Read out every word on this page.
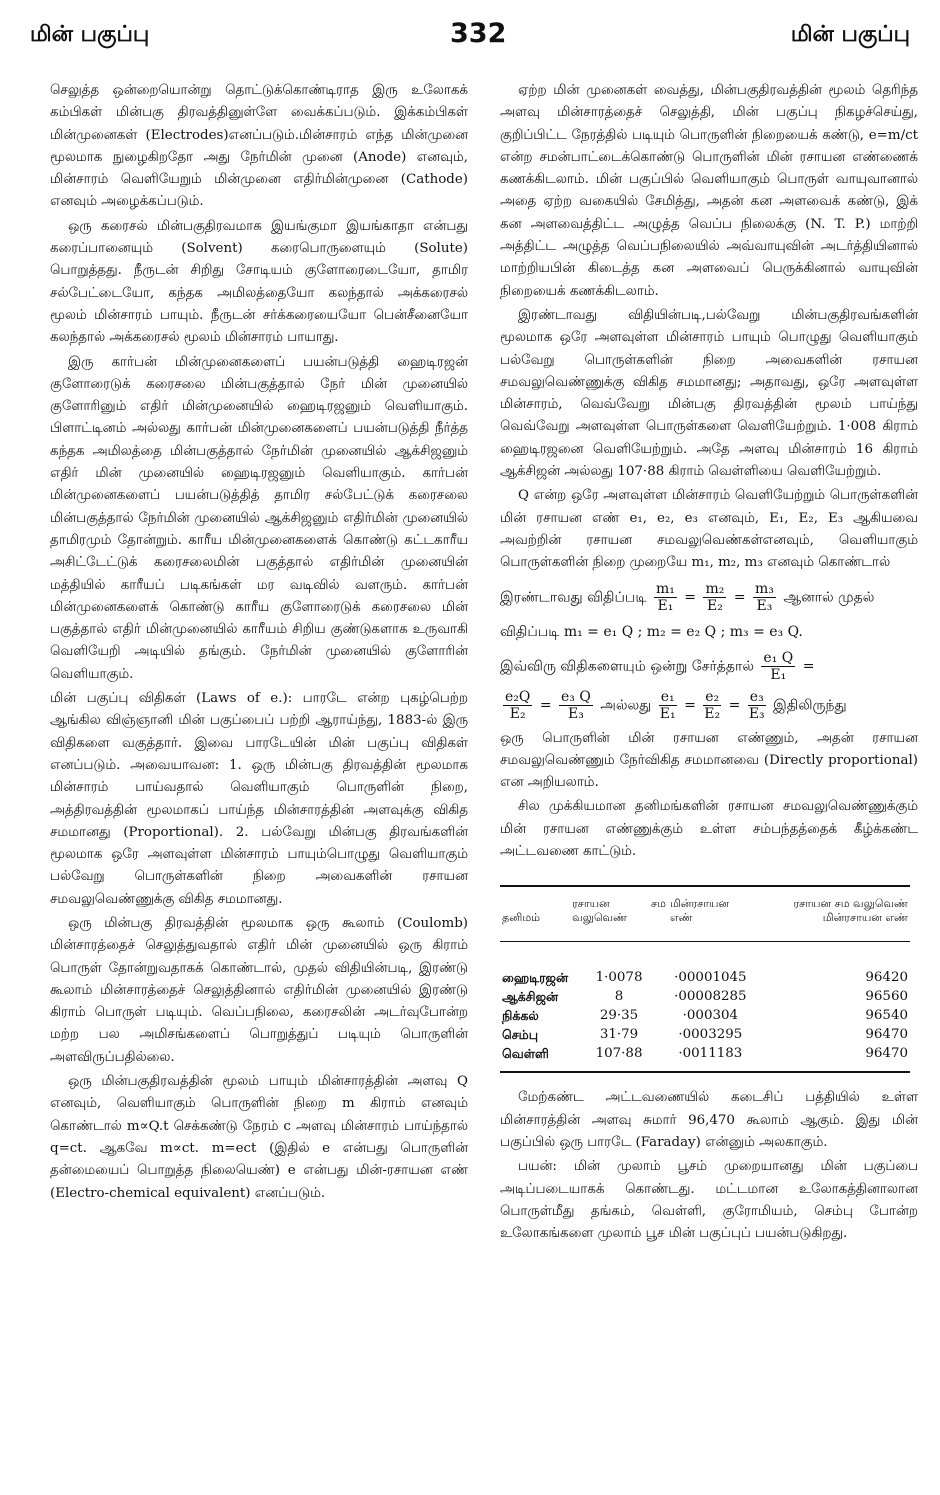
மின் பகுப்பு	332	மின் பகுப்பு

செலுத்த ஒன்றையொன்று தொட்டுக்கொண்டிராத இரு உலோகக் கம்பிகள் மின்பகு திரவத்தினுள்ளே வைக்கப்படும். இக்கம்பிகள் மின்முனைகள் (Electrodes)எனப்படும்.மின்சாரம் எந்த மின்முனை மூலமாக நுழைகிறதோ அது நேர்மின் முனை (Anode) எனவும், மின்சாரம் வெளியேறும் மின்முனை எதிர்மின்முனை (Cathode) எனவும் அழைக்கப்படும்.

ஒரு கரைசல் மின்பகுதிரவமாக இயங்குமா இயங்காதா என்பது கரைப்பானையும் (Solvent) கரைபொருளையும் (Solute) பொறுத்தது. நீருடன் சிறிது சோடியம் குளோரைடையோ, தாமிர சல்பேட்டையோ, கந்தக அமிலத்தையோ கலந்தால் அக்கரைசல் மூலம் மின்சாரம் பாயும். நீருடன் சர்க்கரையையோ பென்சீனையோ கலந்தால் அக்கரைசல் மூலம் மின்சாரம் பாயாது.

இரு கார்பன் மின்முனைகளைப் பயன்படுத்தி ஹைடிரஜன் குளோரைடுக் கரைசலை மின்பகுத்தால் நேர் மின் முனையில் குளோரினும் எதிர் மின்முனையில் ஹைடிரஜனும் வெளியாகும். பிளாட்டினம் அல்லது கார்பன் மின்முனைகளைப் பயன்படுத்தி நீர்த்த கந்தக அமிலத்தை மின்பகுத்தால் நேர்மின் முனையில் ஆக்சிஜனும் எதிர் மின் முனையில் ஹைடிரஜனும் வெளியாகும். கார்பன் மின்முனைகளைப் பயன்படுத்தித் தாமிர சல்பேட்டுக் கரைசலை மின்பகுத்தால் நேர்மின் முனையில் ஆக்சிஜனும் எதிர்மின் முனையில் தாமிரமும் தோன்றும். காரீய மின்முனைகளைக் கொண்டு கட்டகாரீய அசிட்டேட்டுக் கரைசலைமின் பகுத்தால் எதிர்மின் முனையின் மத்தியில் காரீயப் படிகங்கள் மர வடிவில் வளரும். கார்பன் மின்முனைகளைக் கொண்டு காரீய குளோரைடுக் கரைசலை மின் பகுத்தால் எதிர் மின்முனையில் காரீயம் சிறிய குண்டுகளாக உருவாகி வெளியேறி அடியில் தங்கும். நேர்மின் முனையில் குளோரின் வெளியாகும்.

மின் பகுப்பு விதிகள் (Laws of e.): பாரடே என்ற புகழ்பெற்ற ஆங்கில விஞ்ஞானி மின் பகுப்பைப் பற்றி ஆராய்ந்து, 1883-ல் இரு விதிகளை வகுத்தார். இவை பாரடேயின் மின் பகுப்பு விதிகள் எனப்படும். அவையாவன: 1. ஒரு மின்பகு திரவத்தின் மூலமாக மின்சாரம் பாய்வதால் வெளியாகும் பொருளின் நிறை, அத்திரவத்தின் மூலமாகப் பாய்ந்த மின்சாரத்தின் அளவுக்கு விகித சமமானது (Proportional). 2. பல்வேறு மின்பகு திரவங்களின் மூலமாக ஒரே அளவுள்ள மின்சாரம் பாயும்பொழுது வெளியாகும் பல்வேறு பொருள்களின் நிறை அவைகளின் ரசாயன சமவலுவெண்ணுக்கு விகித சமமானது.

ஒரு மின்பகு திரவத்தின் மூலமாக ஒரு கூலாம் (Coulomb) மின்சாரத்தைச் செலுத்துவதால் எதிர் மின் முனையில் ஒரு கிராம் பொருள் தோன்றுவதாகக் கொண்டால், முதல் விதியின்படி, இரண்டு கூலாம் மின்சாரத்தைச் செலுத்தினால் எதிர்மின் முனையில் இரண்டு கிராம் பொருள் படியும். வெப்பநிலை, கரைசலின் அடர்வுபோன்ற மற்ற பல அமிசங்களைப் பொறுத்துப் படியும் பொருளின் அளவிருப்பதில்லை.

ஒரு மின்பகுதிரவத்தின் மூலம் பாயும் மின்சாரத்தின் அளவு Q எனவும், வெளியாகும் பொருளின் நிறை m கிராம் எனவும் கொண்டால் m∝Q.t செக்கண்டு நேரம் c அளவு மின்சாரம் பாய்ந்தால் q=ct. ஆகவே m∝ct. m=ect (இதில் e என்பது பொருளின் தன்மையைப் பொறுத்த நிலையெண்) e என்பது மின்-ரசாயன எண் (Electro-chemical equivalent) எனப்படும்.

ஏற்ற மின் முனைகள் வைத்து, மின்பகுதிரவத்தின் மூலம் தெரிந்த அளவு மின்சாரத்தைச் செலுத்தி, மின் பகுப்பு நிகழச்செய்து, குறிப்பிட்ட நேரத்தில் படியும் பொருளின் நிறையைக் கண்டு, e=m/ct என்ற சமன்பாட்டைக்கொண்டு பொருளின் மின் ரசாயன எண்ணைக் கணக்கிடலாம். மின் பகுப்பில் வெளியாகும் பொருள் வாயுவானால் அதை ஏற்ற வகையில் சேமித்து, அதன் கன அளவைக் கண்டு, இக் கன அளவைத்திட்ட அழுத்த வெப்ப நிலைக்கு (N. T. P.) மாற்றி அத்திட்ட அழுத்த வெப்பநிலையில் அவ்வாயுவின் அடர்த்தியினால் மாற்றியபின் கிடைத்த கன அளவைப் பெருக்கினால் வாயுவின் நிறையைக் கணக்கிடலாம்.

இரண்டாவது விதியின்படி,பல்வேறு மின்பகுதிரவங்களின் மூலமாக ஒரே அளவுள்ள மின்சாரம் பாயும் பொழுது வெளியாகும் பல்வேறு பொருள்களின் நிறை அவைகளின் ரசாயன சமவலுவெண்ணுக்கு விகித சமமானது; அதாவது, ஒரே அளவுள்ள மின்சாரம், வெவ்வேறு மின்பகு திரவத்தின் மூலம் பாய்ந்து வெவ்வேறு அளவுள்ள பொருள்களை வெளியேற்றும். 1·008 கிராம் ஹைடிரஜனை வெளியேற்றும். அதே அளவு மின்சாரம் 16 கிராம் ஆக்சிஜன் அல்லது 107·88 கிராம் வெள்ளியை வெளியேற்றும்.

Q என்ற ஒரே அளவுள்ள மின்சாரம் வெளியேற்றும் பொருள்களின் மின் ரசாயன எண் e₁, e₂, e₃ எனவும், E₁, E₂, E₃ ஆகியவை அவற்றின் ரசாயன சமவலுவெண்கள்எனவும், வெளியாகும் பொருள்களின் நிறை முறையே m₁, m₂, m₃ எனவும் கொண்டால்

இரண்டாவது விதிப்படி $\frac{\text{m₁}}{\text{E₁}} = \frac{\text{m₂}}{\text{E₂}} = \frac{\text{m₃}}{\text{E₃}}$ ஆனால் முதல்
விதிப்படி m₁ = e₁ Q ; m₂ = e₂ Q ; m₃ = e₃ Q.
இவ்விரு விதிகளையும் ஒன்று சேர்த்தால் $\frac{\text{e₁ Q}}{\text{E₁}}$ =
$\frac{\text{e₂Q}}{\text{E₂}} = \frac{\text{e₃ Q}}{\text{E₃}}$ அல்லது $\frac{\text{e₁}}{\text{E₁}} = \frac{\text{e₂}}{\text{E₂}} = \frac{\text{e₃}}{\text{E₃}}$ இதிலிருந்து

ஒரு பொருளின் மின் ரசாயன எண்ணும், அதன் ரசாயன சமவலுவெண்ணும் நேர்விகித சமமானவை (Directly proportional) என அறியலாம்.

சில முக்கியமான தனிமங்களின் ரசாயன சமவலுவெண்ணுக்கும் மின் ரசாயன எண்ணுக்கும் உள்ள சம்பந்தத்தைக் கீழ்க்கண்ட அட்டவணை காட்டும்.

தனிமம்	ரசாயன சம வலுவெண்	மின்ரசாயன எண்	ரசாயன சம வலுவெண் மின்ரசாயன எண்
ஹைடிரஜன்	1·0078	·00001045	96420
ஆக்சிஜன்	8	·00008285	96560
நிக்கல்	29·35	·000304	96540
செம்பு	31·79	·0003295	96470
வெள்ளி	107·88	·0011183	96470

மேற்கண்ட அட்டவணையில் கடைசிப் பத்தியில் உள்ள மின்சாரத்தின் அளவு சுமார் 96,470 கூலாம் ஆகும். இது மின் பகுப்பில் ஒரு பாரடே (Faraday) என்னும் அலகாகும்.

பயன்: மின் முலாம் பூசம் முறையானது மின் பகுப்பை அடிப்படையாகக் கொண்டது. மட்டமான உலோகத்தினாலான பொருள்மீது தங்கம், வெள்ளி, குரோமியம், செம்பு போன்ற உலோகங்களை முலாம் பூச மின் பகுப்புப் பயன்படுகிறது.
